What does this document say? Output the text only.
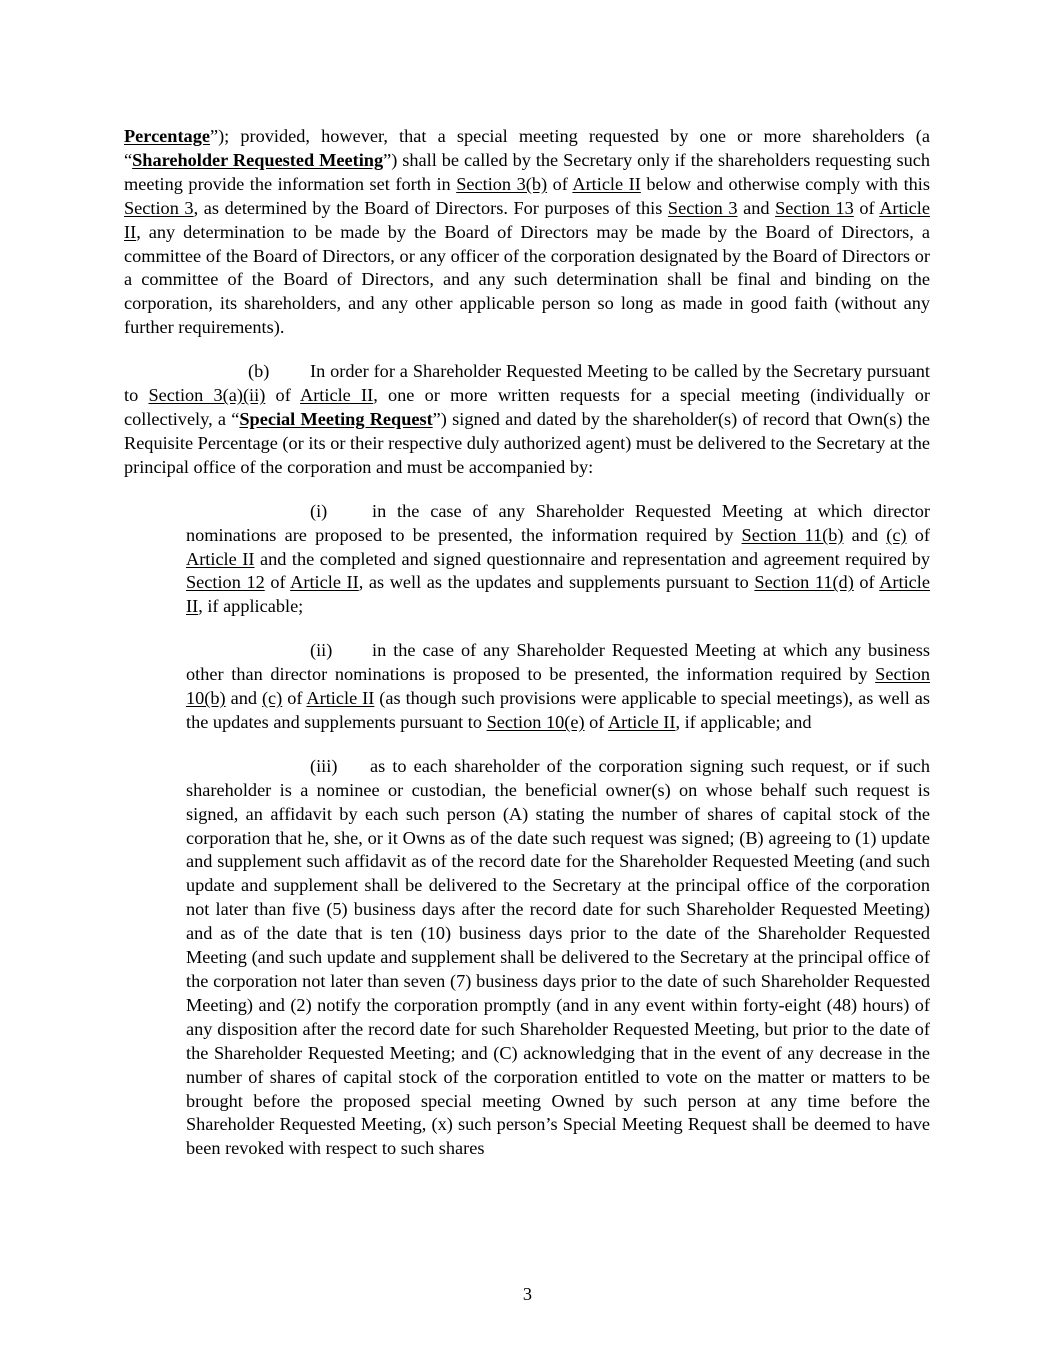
Percentage”); provided, however, that a special meeting requested by one or more shareholders (a “Shareholder Requested Meeting”) shall be called by the Secretary only if the shareholders requesting such meeting provide the information set forth in Section 3(b) of Article II below and otherwise comply with this Section 3, as determined by the Board of Directors. For purposes of this Section 3 and Section 13 of Article II, any determination to be made by the Board of Directors may be made by the Board of Directors, a committee of the Board of Directors, or any officer of the corporation designated by the Board of Directors or a committee of the Board of Directors, and any such determination shall be final and binding on the corporation, its shareholders, and any other applicable person so long as made in good faith (without any further requirements).

(b) In order for a Shareholder Requested Meeting to be called by the Secretary pursuant to Section 3(a)(ii) of Article II, one or more written requests for a special meeting (individually or collectively, a “Special Meeting Request”) signed and dated by the shareholder(s) of record that Own(s) the Requisite Percentage (or its or their respective duly authorized agent) must be delivered to the Secretary at the principal office of the corporation and must be accompanied by:

(i) in the case of any Shareholder Requested Meeting at which director nominations are proposed to be presented, the information required by Section 11(b) and (c) of Article II and the completed and signed questionnaire and representation and agreement required by Section 12 of Article II, as well as the updates and supplements pursuant to Section 11(d) of Article II, if applicable;

(ii) in the case of any Shareholder Requested Meeting at which any business other than director nominations is proposed to be presented, the information required by Section 10(b) and (c) of Article II (as though such provisions were applicable to special meetings), as well as the updates and supplements pursuant to Section 10(e) of Article II, if applicable; and

(iii) as to each shareholder of the corporation signing such request, or if such shareholder is a nominee or custodian, the beneficial owner(s) on whose behalf such request is signed, an affidavit by each such person (A) stating the number of shares of capital stock of the corporation that he, she, or it Owns as of the date such request was signed; (B) agreeing to (1) update and supplement such affidavit as of the record date for the Shareholder Requested Meeting (and such update and supplement shall be delivered to the Secretary at the principal office of the corporation not later than five (5) business days after the record date for such Shareholder Requested Meeting) and as of the date that is ten (10) business days prior to the date of the Shareholder Requested Meeting (and such update and supplement shall be delivered to the Secretary at the principal office of the corporation not later than seven (7) business days prior to the date of such Shareholder Requested Meeting) and (2) notify the corporation promptly (and in any event within forty-eight (48) hours) of any disposition after the record date for such Shareholder Requested Meeting, but prior to the date of the Shareholder Requested Meeting; and (C) acknowledging that in the event of any decrease in the number of shares of capital stock of the corporation entitled to vote on the matter or matters to be brought before the proposed special meeting Owned by such person at any time before the Shareholder Requested Meeting, (x) such person’s Special Meeting Request shall be deemed to have been revoked with respect to such shares

3
